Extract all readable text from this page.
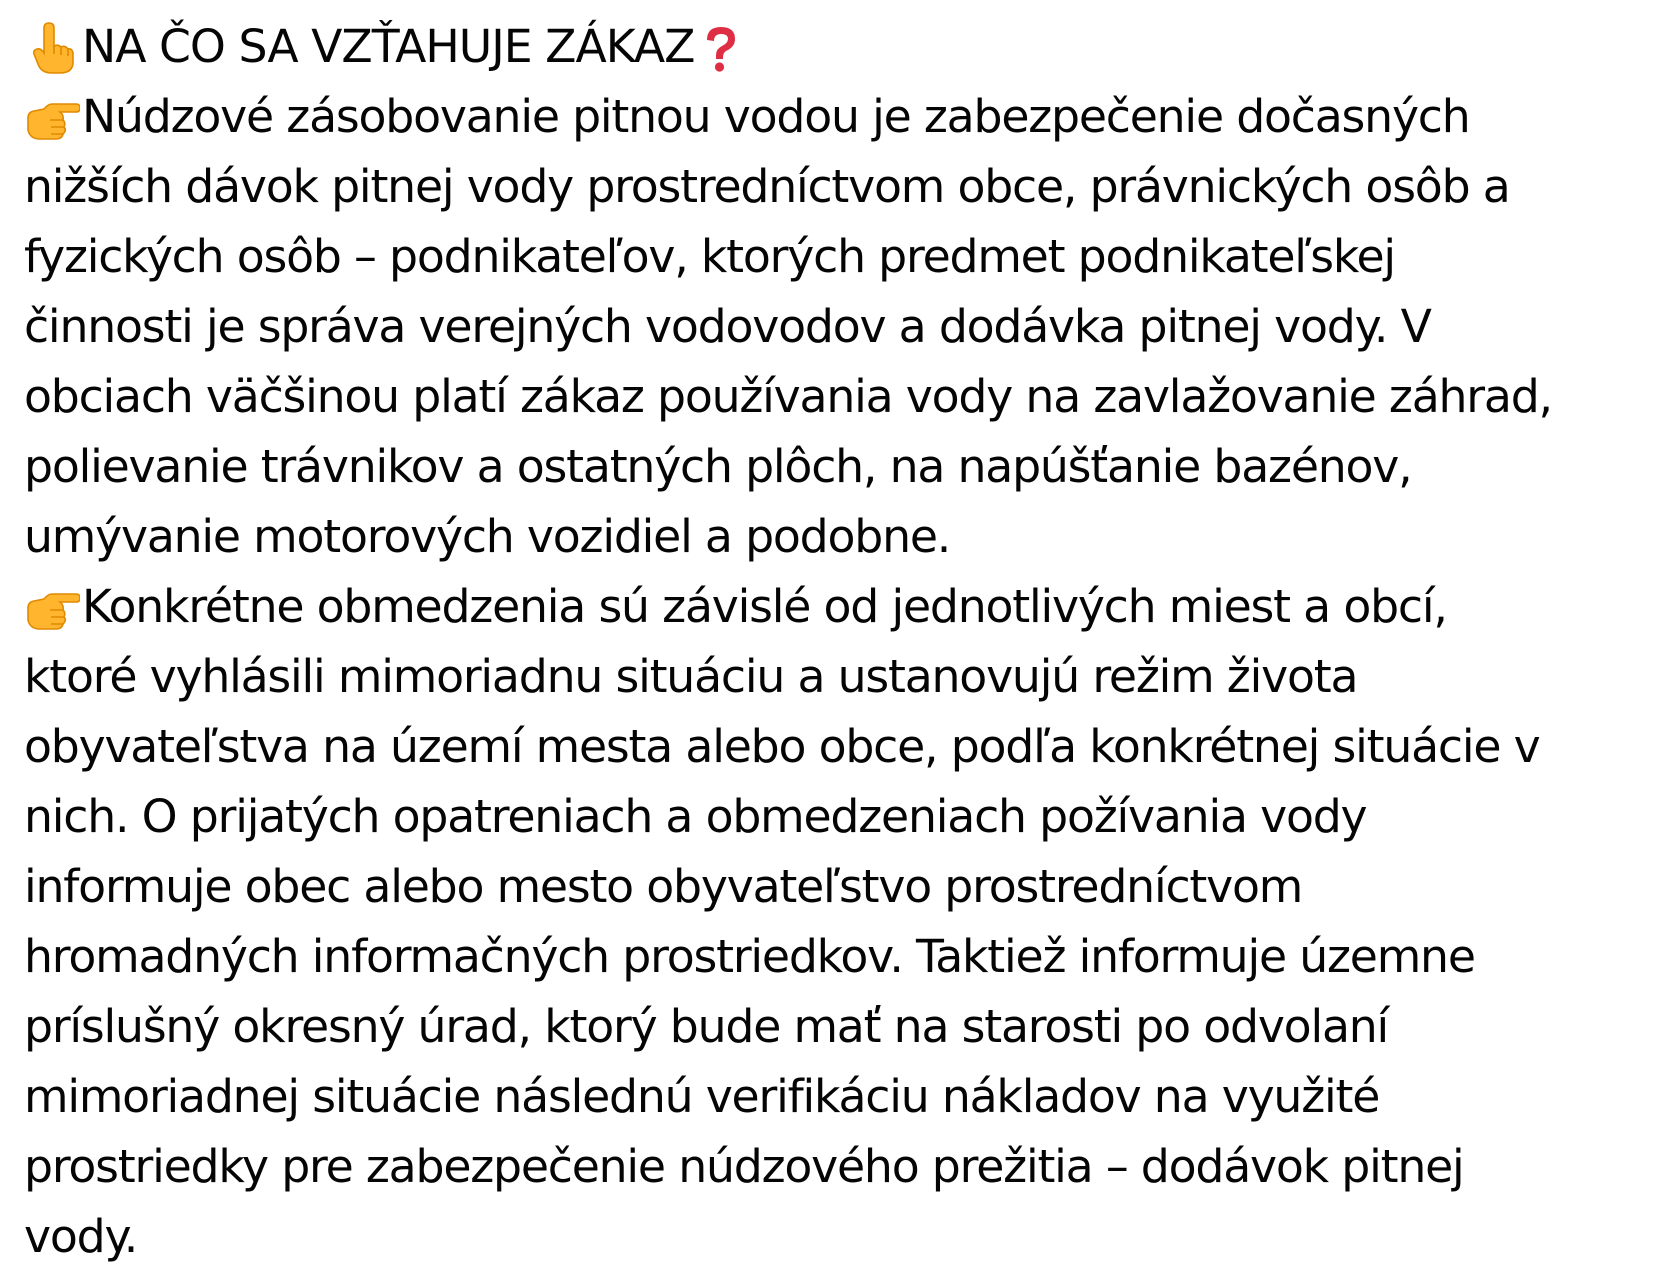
NA ČO SA VZŤAHUJE ZÁKAZ
Núdzové zásobovanie pitnou vodou je zabezpečenie dočasných
nižších dávok pitnej vody prostredníctvom obce, právnických osôb a
fyzických osôb – podnikateľov, ktorých predmet podnikateľskej
činnosti je správa verejných vodovodov a dodávka pitnej vody. V
obciach väčšinou platí zákaz používania vody na zavlažovanie záhrad,
polievanie trávnikov a ostatných plôch, na napúšťanie bazénov,
umývanie motorových vozidiel a podobne.
Konkrétne obmedzenia sú závislé od jednotlivých miest a obcí,
ktoré vyhlásili mimoriadnu situáciu a ustanovujú režim života
obyvateľstva na území mesta alebo obce, podľa konkrétnej situácie v
nich. O prijatých opatreniach a obmedzeniach požívania vody
informuje obec alebo mesto obyvateľstvo prostredníctvom
hromadných informačných prostriedkov. Taktiež informuje územne
príslušný okresný úrad, ktorý bude mať na starosti po odvolaní
mimoriadnej situácie následnú verifikáciu nákladov na využité
prostriedky pre zabezpečenie núdzového prežitia – dodávok pitnej
vody.
